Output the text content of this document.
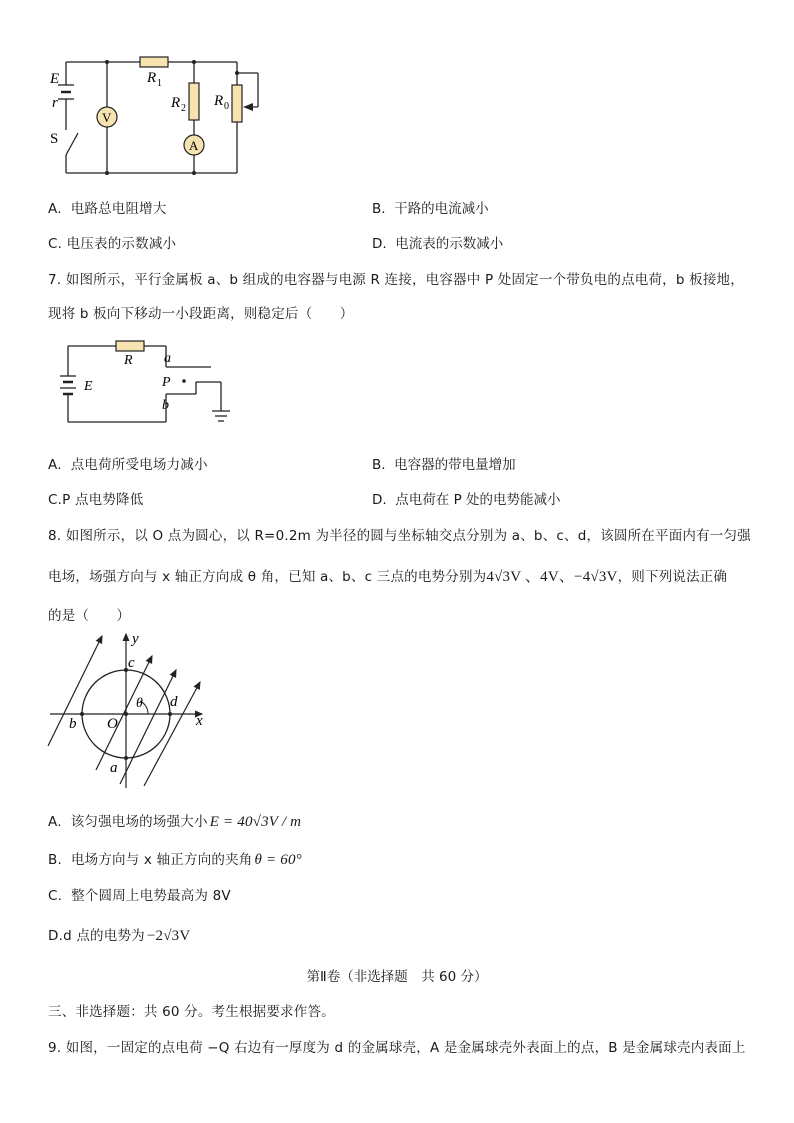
V
A
E
r
S
R 1
R 2 R 0
A. 电路总电阻增大	B. 干路的电流减小
C. 电压表的示数减小	D. 电流表的示数减小
7. 如图所示，平行金属板 a、b 组成的电容器与电源 R 连接，电容器中 P 处固定一个带负电的点电荷，b 板接地，
现将 b 板向下移动一小段距离，则稳定后（　　）
R a
P
b
E
A. 点电荷所受电场力减小	B. 电容器的带电量增加
C.P 点电势降低	D. 点电荷在 P 处的电势能减小
8. 如图所示，以 O 点为圆心，以 R=0.2m 为半径的圆与坐标轴交点分别为 a、b、c、d，该圆所在平面内有一匀强
电场，场强方向与 x 轴正方向成 θ 角，已知 a、b、c 三点的电势分别为4√3V 、4V、−4√3V，则下列说法正确
的是（　　）
y
x
c
d
b O
a
θ
A. 该匀强电场的场强大小 E = 40√3V / m
B. 电场方向与 x 轴正方向的夹角 θ = 60°
C. 整个圆周上电势最高为 8V
D.d 点的电势为 −2√3V
第Ⅱ卷（非选择题　共 60 分）
三、非选择题：共 60 分。考生根据要求作答。
9. 如图，一固定的点电荷 −Q 右边有一厚度为 d 的金属球壳，A 是金属球壳外表面上的点，B 是金属球壳内表面上
